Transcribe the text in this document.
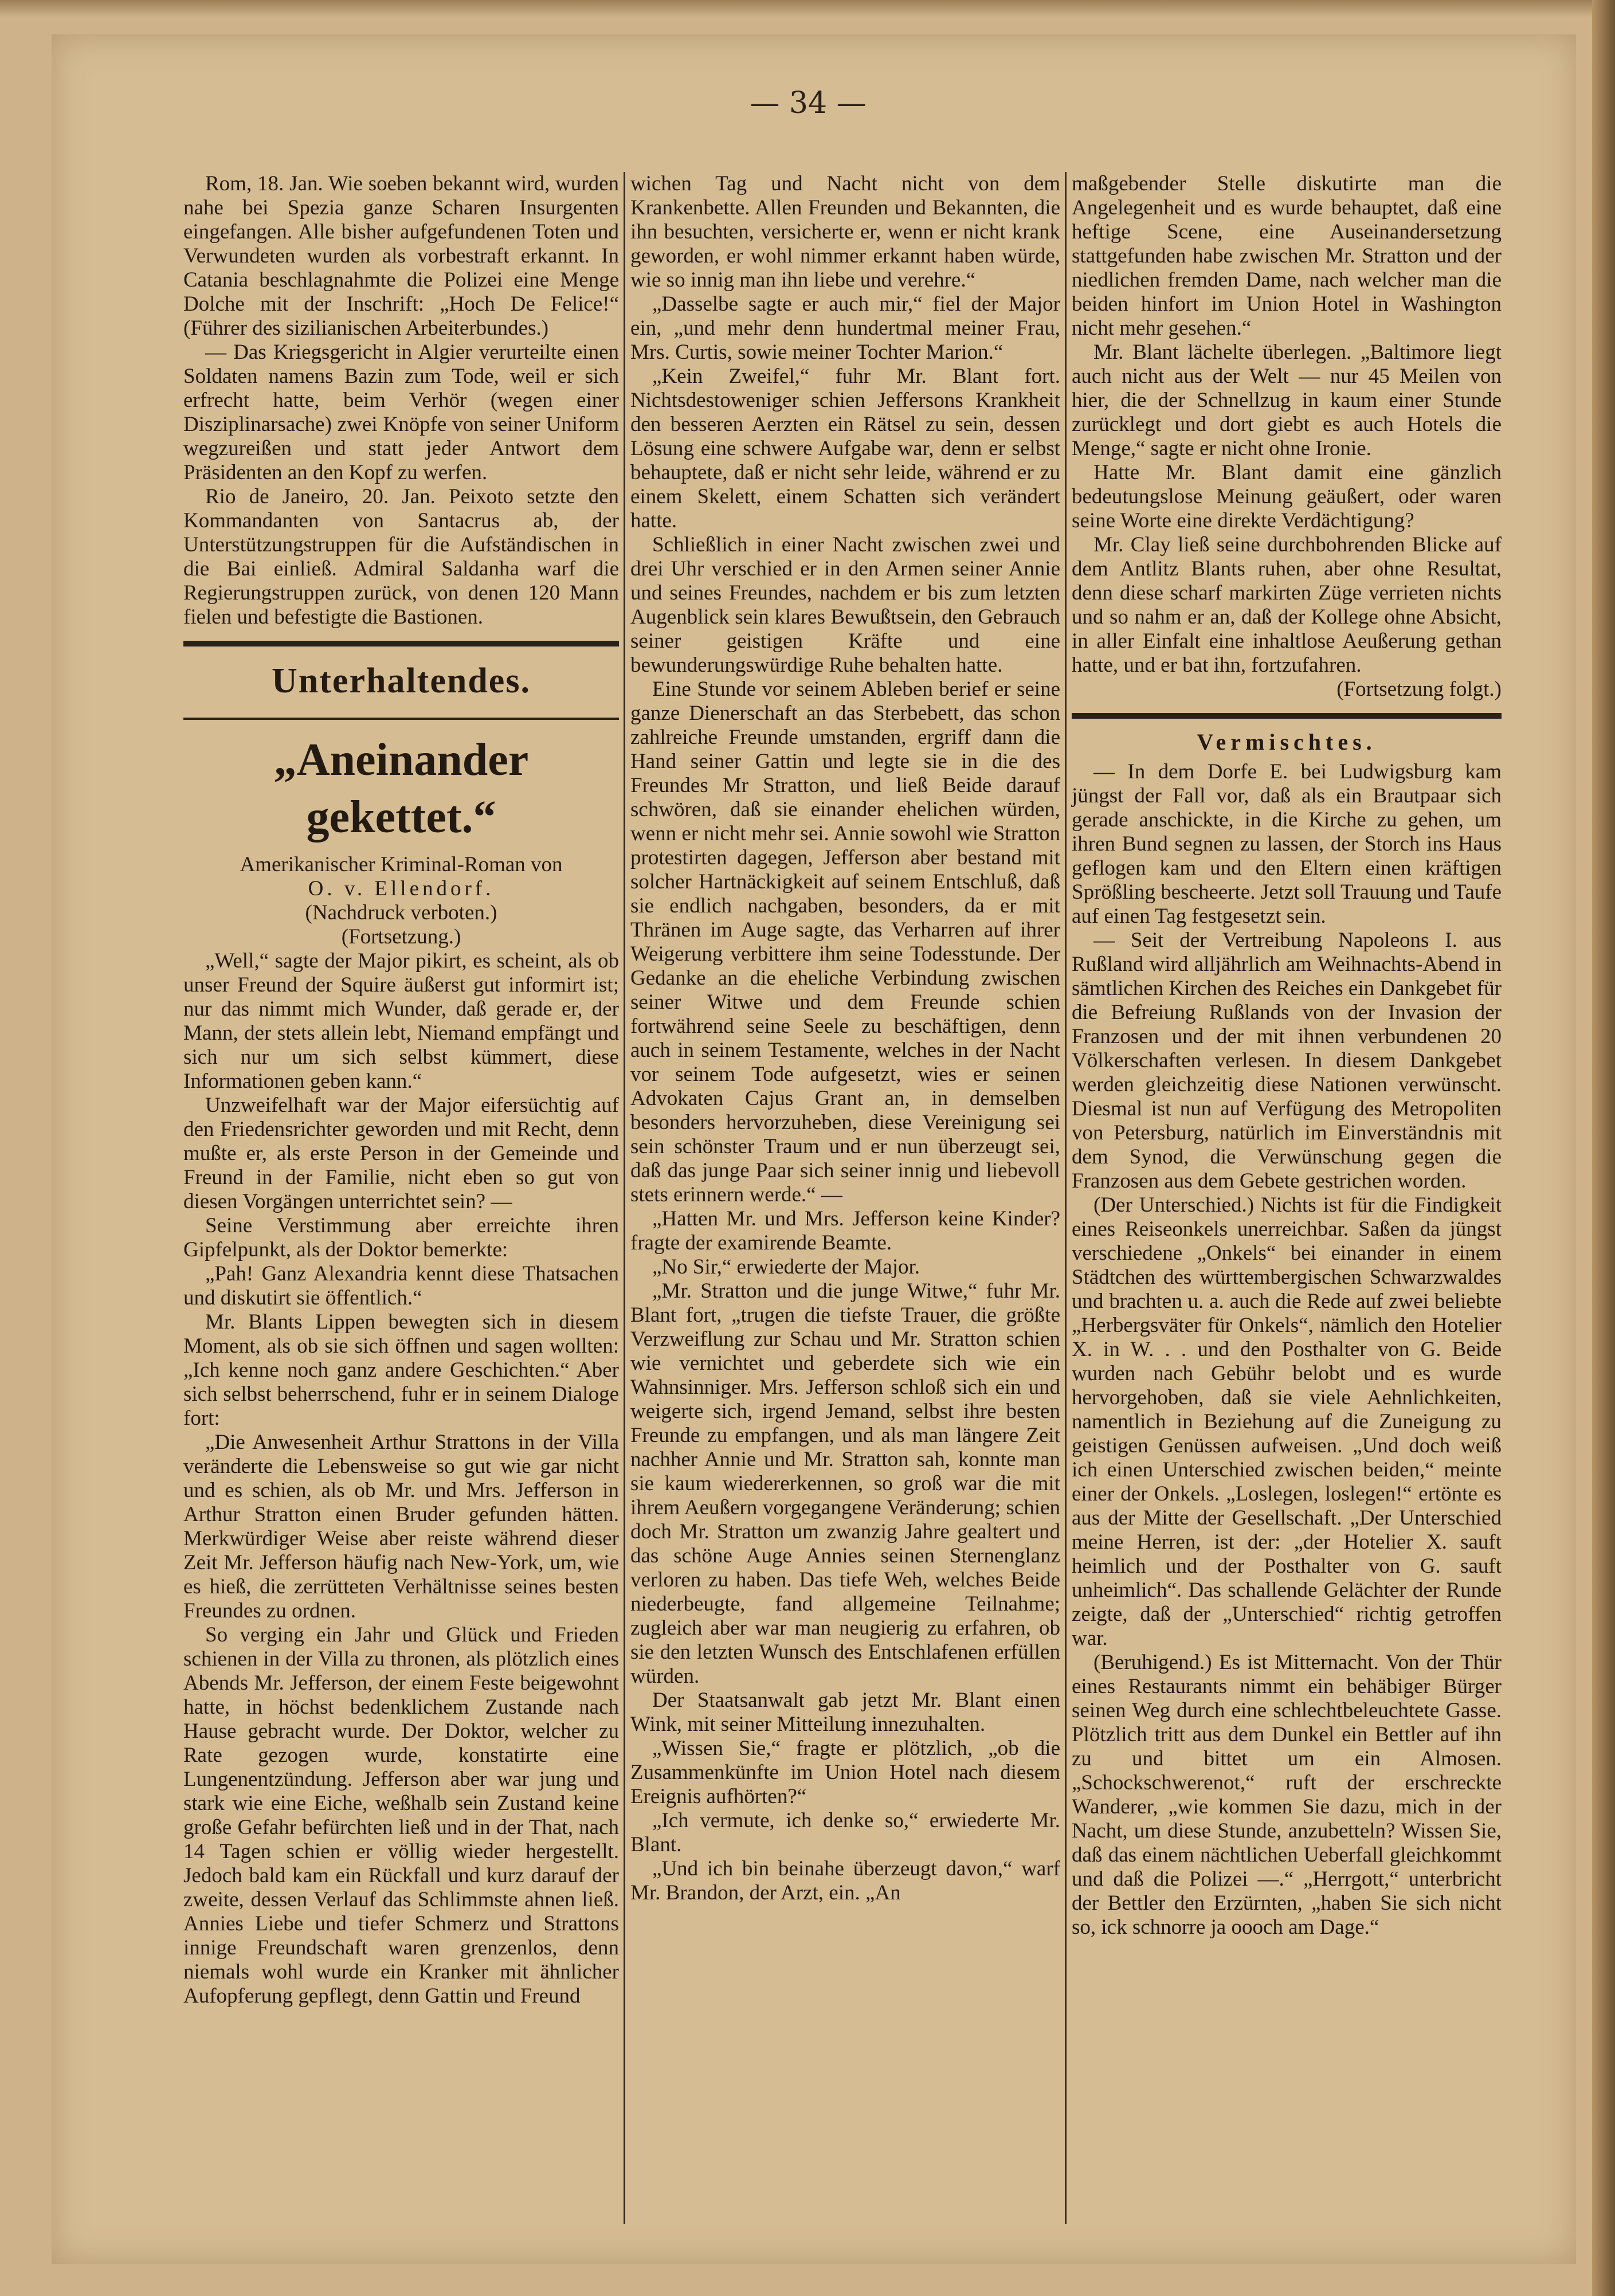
— 34 —

Rom, 18. Jan. Wie soeben bekannt wird, wurden nahe bei Spezia ganze Scharen Insurgenten eingefangen. Alle bisher aufgefundenen Toten und Verwundeten wurden als vorbestraft erkannt. In Catania beschlagnahmte die Polizei eine Menge Dolche mit der Inschrift: „Hoch De Felice!“ (Führer des sizilianischen Arbeiterbundes.)

— Das Kriegsgericht in Algier verurteilte einen Soldaten namens Bazin zum Tode, weil er sich erfrecht hatte, beim Verhör (wegen einer Disziplinarsache) zwei Knöpfe von seiner Uniform wegzureißen und statt jeder Antwort dem Präsidenten an den Kopf zu werfen.

Rio de Janeiro, 20. Jan. Peixoto setzte den Kommandanten von Santacrus ab, der Unterstützungstruppen für die Aufständischen in die Bai einließ. Admiral Saldanha warf die Regierungstruppen zurück, von denen 120 Mann fielen und befestigte die Bastionen.

Unterhaltendes.
„Aneinander gekettet.“

Amerikanischer Kriminal-Roman von

O. v. Ellendorf.

(Nachdruck verboten.)

(Fortsetzung.)

„Well,“ sagte der Major pikirt, es scheint, als ob unser Freund der Squire äußerst gut informirt ist; nur das nimmt mich Wunder, daß gerade er, der Mann, der stets allein lebt, Niemand empfängt und sich nur um sich selbst kümmert, diese Informationen geben kann.“

Unzweifelhaft war der Major eifersüchtig auf den Friedensrichter geworden und mit Recht, denn mußte er, als erste Person in der Gemeinde und Freund in der Familie, nicht eben so gut von diesen Vorgängen unterrichtet sein? —

Seine Verstimmung aber erreichte ihren Gipfelpunkt, als der Doktor bemerkte:

„Pah! Ganz Alexandria kennt diese Thatsachen und diskutirt sie öffentlich.“

Mr. Blants Lippen bewegten sich in diesem Moment, als ob sie sich öffnen und sagen wollten: „Ich kenne noch ganz andere Geschichten.“ Aber sich selbst beherrschend, fuhr er in seinem Dialoge fort:

„Die Anwesenheit Arthur Strattons in der Villa veränderte die Lebensweise so gut wie gar nicht und es schien, als ob Mr. und Mrs. Jefferson in Arthur Stratton einen Bruder gefunden hätten. Merkwürdiger Weise aber reiste während dieser Zeit Mr. Jefferson häufig nach New-York, um, wie es hieß, die zerrütteten Verhältnisse seines besten Freundes zu ordnen.

So verging ein Jahr und Glück und Frieden schienen in der Villa zu thronen, als plötzlich eines Abends Mr. Jefferson, der einem Feste beigewohnt hatte, in höchst bedenklichem Zustande nach Hause gebracht wurde. Der Doktor, welcher zu Rate gezogen wurde, konstatirte eine Lungenentzündung. Jefferson aber war jung und stark wie eine Eiche, weßhalb sein Zustand keine große Gefahr befürchten ließ und in der That, nach 14 Tagen schien er völlig wieder hergestellt. Jedoch bald kam ein Rückfall und kurz darauf der zweite, dessen Verlauf das Schlimmste ahnen ließ. Annies Liebe und tiefer Schmerz und Strattons innige Freundschaft waren grenzenlos, denn niemals wohl wurde ein Kranker mit ähnlicher Aufopferung gepflegt, denn Gattin und Freund

wichen Tag und Nacht nicht von dem Krankenbette. Allen Freunden und Bekannten, die ihn besuchten, versicherte er, wenn er nicht krank geworden, er wohl nimmer erkannt haben würde, wie so innig man ihn liebe und verehre.“

„Dasselbe sagte er auch mir,“ fiel der Major ein, „und mehr denn hundertmal meiner Frau, Mrs. Curtis, sowie meiner Tochter Marion.“

„Kein Zweifel,“ fuhr Mr. Blant fort. Nichtsdestoweniger schien Jeffersons Krankheit den besseren Aerzten ein Rätsel zu sein, dessen Lösung eine schwere Aufgabe war, denn er selbst behauptete, daß er nicht sehr leide, während er zu einem Skelett, einem Schatten sich verändert hatte.

Schließlich in einer Nacht zwischen zwei und drei Uhr verschied er in den Armen seiner Annie und seines Freundes, nachdem er bis zum letzten Augenblick sein klares Bewußtsein, den Gebrauch seiner geistigen Kräfte und eine bewunderungswürdige Ruhe behalten hatte.

Eine Stunde vor seinem Ableben berief er seine ganze Dienerschaft an das Sterbebett, das schon zahlreiche Freunde umstanden, ergriff dann die Hand seiner Gattin und legte sie in die des Freundes Mr Stratton, und ließ Beide darauf schwören, daß sie einander ehelichen würden, wenn er nicht mehr sei. Annie sowohl wie Stratton protestirten dagegen, Jefferson aber bestand mit solcher Hartnäckigkeit auf seinem Entschluß, daß sie endlich nachgaben, besonders, da er mit Thränen im Auge sagte, das Verharren auf ihrer Weigerung verbittere ihm seine Todesstunde. Der Gedanke an die eheliche Verbindung zwischen seiner Witwe und dem Freunde schien fortwährend seine Seele zu beschäftigen, denn auch in seinem Testamente, welches in der Nacht vor seinem Tode aufgesetzt, wies er seinen Advokaten Cajus Grant an, in demselben besonders hervorzuheben, diese Vereinigung sei sein schönster Traum und er nun überzeugt sei, daß das junge Paar sich seiner innig und liebevoll stets erinnern werde.“ —

„Hatten Mr. und Mrs. Jefferson keine Kinder? fragte der examirende Beamte.

„No Sir,“ erwiederte der Major.

„Mr. Stratton und die junge Witwe,“ fuhr Mr. Blant fort, „trugen die tiefste Trauer, die größte Verzweiflung zur Schau und Mr. Stratton schien wie vernichtet und geberdete sich wie ein Wahnsinniger. Mrs. Jefferson schloß sich ein und weigerte sich, irgend Jemand, selbst ihre besten Freunde zu empfangen, und als man längere Zeit nachher Annie und Mr. Stratton sah, konnte man sie kaum wiedererkennen, so groß war die mit ihrem Aeußern vorgegangene Veränderung; schien doch Mr. Stratton um zwanzig Jahre gealtert und das schöne Auge Annies seinen Sternenglanz verloren zu haben. Das tiefe Weh, welches Beide niederbeugte, fand allgemeine Teilnahme; zugleich aber war man neugierig zu erfahren, ob sie den letzten Wunsch des Entschlafenen erfüllen würden.

Der Staatsanwalt gab jetzt Mr. Blant einen Wink, mit seiner Mitteilung innezuhalten.

„Wissen Sie,“ fragte er plötzlich, „ob die Zusammenkünfte im Union Hotel nach diesem Ereignis aufhörten?“

„Ich vermute, ich denke so,“ erwiederte Mr. Blant.

„Und ich bin beinahe überzeugt davon,“ warf Mr. Brandon, der Arzt, ein. „An

maßgebender Stelle diskutirte man die Angelegenheit und es wurde behauptet, daß eine heftige Scene, eine Auseinandersetzung stattgefunden habe zwischen Mr. Stratton und der niedlichen fremden Dame, nach welcher man die beiden hinfort im Union Hotel in Washington nicht mehr gesehen.“

Mr. Blant lächelte überlegen. „Baltimore liegt auch nicht aus der Welt — nur 45 Meilen von hier, die der Schnellzug in kaum einer Stunde zurücklegt und dort giebt es auch Hotels die Menge,“ sagte er nicht ohne Ironie.

Hatte Mr. Blant damit eine gänzlich bedeutungslose Meinung geäußert, oder waren seine Worte eine direkte Verdächtigung?

Mr. Clay ließ seine durchbohrenden Blicke auf dem Antlitz Blants ruhen, aber ohne Resultat, denn diese scharf markirten Züge verrieten nichts und so nahm er an, daß der Kollege ohne Absicht, in aller Einfalt eine inhaltlose Aeußerung gethan hatte, und er bat ihn, fortzufahren.

(Fortsetzung folgt.)

Vermischtes.

— In dem Dorfe E. bei Ludwigsburg kam jüngst der Fall vor, daß als ein Brautpaar sich gerade anschickte, in die Kirche zu gehen, um ihren Bund segnen zu lassen, der Storch ins Haus geflogen kam und den Eltern einen kräftigen Sprößling bescheerte. Jetzt soll Trauung und Taufe auf einen Tag festgesetzt sein.

— Seit der Vertreibung Napoleons I. aus Rußland wird alljährlich am Weihnachts-Abend in sämtlichen Kirchen des Reiches ein Dankgebet für die Befreiung Rußlands von der Invasion der Franzosen und der mit ihnen verbundenen 20 Völkerschaften verlesen. In diesem Dankgebet werden gleichzeitig diese Nationen verwünscht. Diesmal ist nun auf Verfügung des Metropoliten von Petersburg, natürlich im Einverständnis mit dem Synod, die Verwünschung gegen die Franzosen aus dem Gebete gestrichen worden.

(Der Unterschied.) Nichts ist für die Findigkeit eines Reiseonkels unerreichbar. Saßen da jüngst verschiedene „Onkels“ bei einander in einem Städtchen des württembergischen Schwarzwaldes und brachten u. a. auch die Rede auf zwei beliebte „Herbergsväter für Onkels“, nämlich den Hotelier X. in W. . . und den Posthalter von G. Beide wurden nach Gebühr belobt und es wurde hervorgehoben, daß sie viele Aehnlichkeiten, namentlich in Beziehung auf die Zuneigung zu geistigen Genüssen aufweisen. „Und doch weiß ich einen Unterschied zwischen beiden,“ meinte einer der Onkels. „Loslegen, loslegen!“ ertönte es aus der Mitte der Gesellschaft. „Der Unterschied meine Herren, ist der: „der Hotelier X. sauft heimlich und der Posthalter von G. sauft unheimlich“. Das schallende Gelächter der Runde zeigte, daß der „Unterschied“ richtig getroffen war.

(Beruhigend.) Es ist Mitternacht. Von der Thür eines Restaurants nimmt ein behäbiger Bürger seinen Weg durch eine schlechtbeleuchtete Gasse. Plötzlich tritt aus dem Dunkel ein Bettler auf ihn zu und bittet um ein Almosen. „Schockschwerenot,“ ruft der erschreckte Wanderer, „wie kommen Sie dazu, mich in der Nacht, um diese Stunde, anzubetteln? Wissen Sie, daß das einem nächtlichen Ueberfall gleichkommt und daß die Polizei —.“ „Herrgott,“ unterbricht der Bettler den Erzürnten, „haben Sie sich nicht so, ick schnorre ja oooch am Dage.“
